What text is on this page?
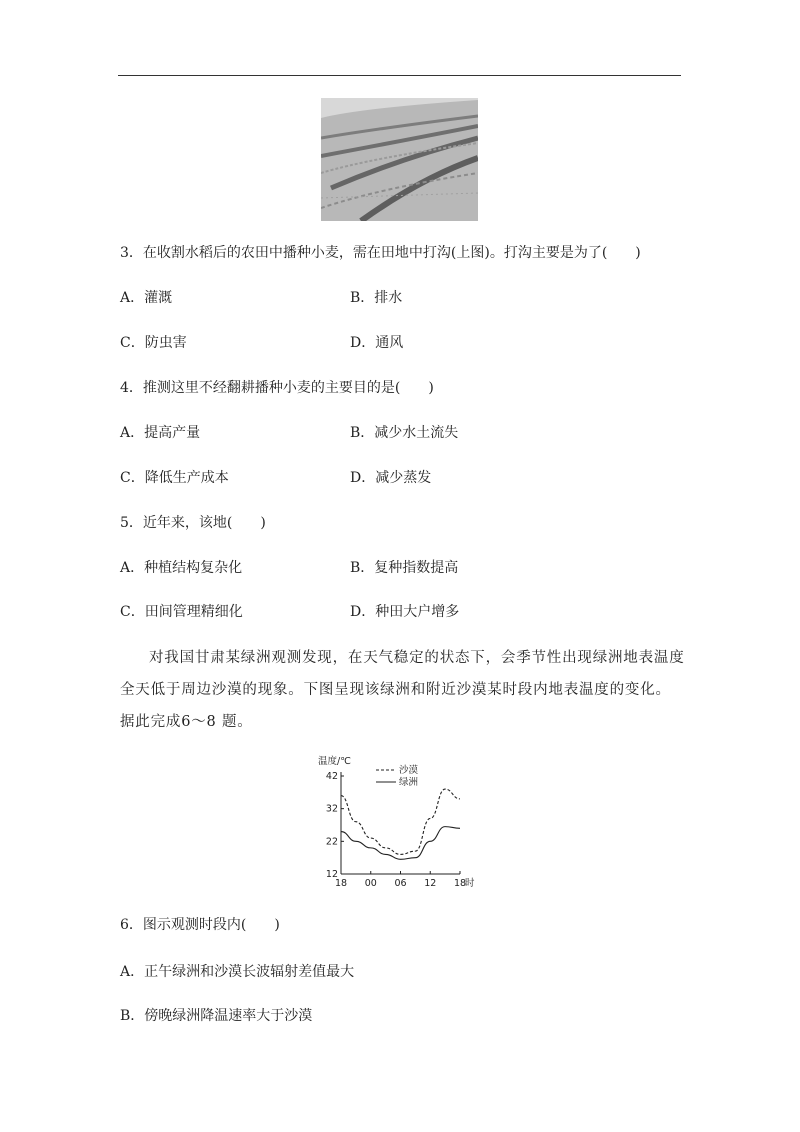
3．在收割水稻后的农田中播种小麦，需在田地中打沟(上图)。打沟主要是为了(　　)
A．灌溉	B．排水
C．防虫害	D．通风
4．推测这里不经翻耕播种小麦的主要目的是(　　)
A．提高产量	B．减少水土流失
C．降低生产成本	D．减少蒸发
5．近年来，该地(　　)
A．种植结构复杂化	B．复种指数提高
C．田间管理精细化	D．种田大户增多
对我国甘肃某绿洲观测发现，在天气稳定的状态下，会季节性出现绿洲地表温度全天低于周边沙漠的现象。下图呈现该绿洲和附近沙漠某时段内地表温度的变化。据此完成6～8 题。
温度/℃
12
22
32
42
18 00 06 12 18
时
沙漠
绿洲
6．图示观测时段内(　　)
A．正午绿洲和沙漠长波辐射差值最大
B．傍晚绿洲降温速率大于沙漠
